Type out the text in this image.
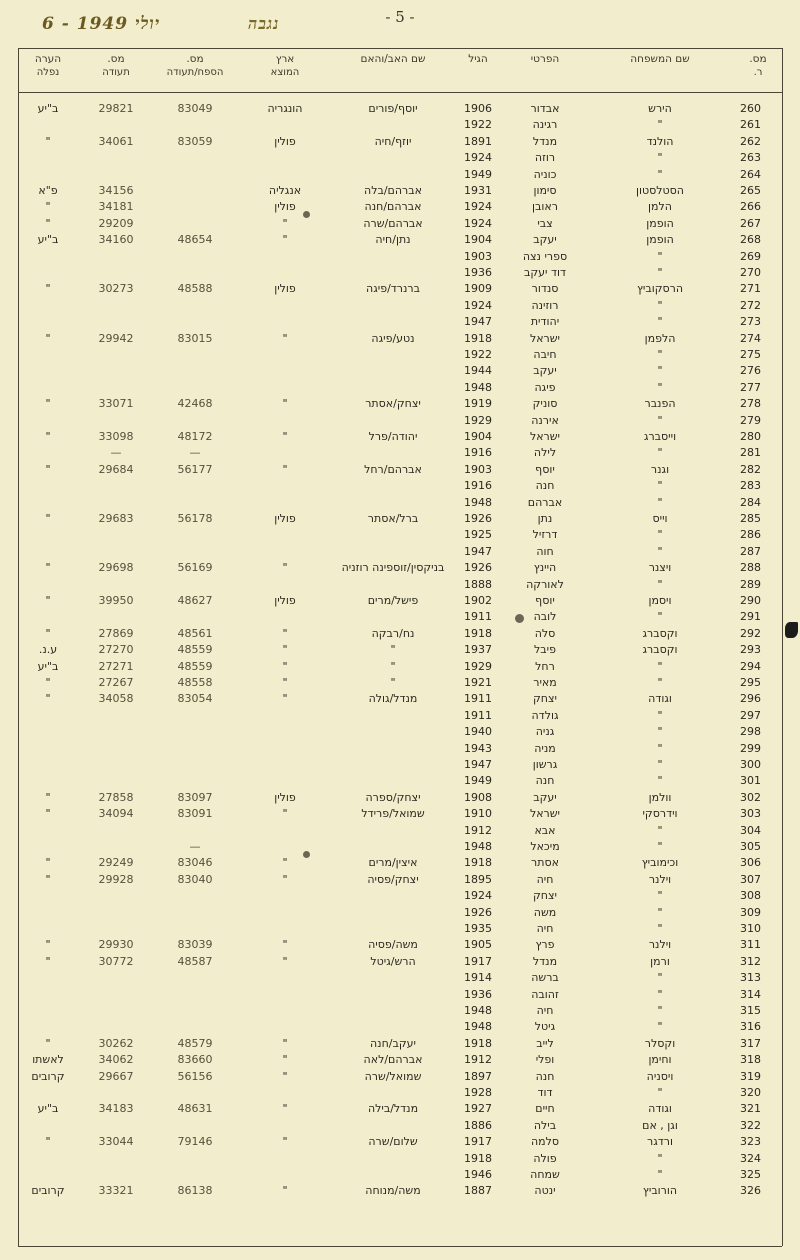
6 - יולי 1949	נגבה	- 5 -
מס.
ר.
שם המשפחה
הפרטי
הגיל
שם האב/והאם
ארץ
המוצא
מס.
הספח/תעודה
מס.
תעודה
הערה
נפלה
260
הירש
אבדור
1906
יוסף/פורים
הונגריה
83049
29821
ב"יע
261
"
רגינה
1922
262
הולנד
מנדל
1891
יוזף/חיה
פולין
83059
34061
"
263
"
רוזה
1924
264
"
כוניה
1949
265
הסטלסטון
סימון
1931
אברהם/בלה
אנגליה
34156
פ"א
266
הלמן
ראובן
1924
אברהם/חנה
פולין
34181
"
267
הופמן
צבי
1924
אברהם/שרה
"
29209
"
268
הופמן
יעקב
1904
נתן/חיה
"
48654
34160
ב"יע
269
"
ספרי נצה
1903
270
"
דוד יעקב
1936
271
הרסקוביץ
סנדור
1909
ברנרד/פיגה
פולין
48588
30273
"
272
"
רוזינה
1924
273
"
יהודית
1947
274
הלפמן
ישראל
1918
נטע/פיגה
"
83015
29942
"
275
"
חיבה
1922
276
"
יעקב
1944
277
"
פיגה
1948
278
הפנבר
סוניק
1919
יצחק/אסתר
"
42468
33071
"
279
"
אירנה
1929
280
וייסברג
ישראל
1904
יהודה/פרל
"
48172
33098
"
281
"
לילה
1916
—
—
282
וגנר
יוסף
1903
אברהם/רחל
"
56177
29684
"
283
"
חנה
1916
284
"
אברהם
1948
285
וייס
נתן
1926
ברל/אסתר
פולין
56178
29683
"
286
"
דרזיל
1925
287
"
חוה
1947
288
ויצנר
היינץ
1926
בניקסין/זוספינה רוזניה
"
56169
29698
"
289
"
לאורקה
1888
290
ויסמן
יוסף
1902
פישל/מרים
פולין
48627
39950
"
291
"
לובה
1911
292
וקסברג
סלה
1918
נח/רבקה
"
48561
27869
"
293
וקסברג
פיבל
1937
"
"
48559
27270
ע.נ.
294
"
רחל
1929
"
"
48559
27271
ב"יע
295
"
מאיר
1921
"
"
48558
27267
"
296
וגודה
יצחק
1911
מנדל/גולה
"
83054
34058
"
297
"
גולדה
1911
298
"
גניה
1940
299
"
מניה
1943
300
"
גרשון
1947
301
"
חנה
1949
302
וולמן
יעקב
1908
יצחק/ספרה
פולין
83097
27858
"
303
וידרסקי
ישראל
1910
שמואל/פרידל
"
83091
34094
"
304
"
אבא
1912
305
"
מיכאל
1948
—
306
וכימוביץ
אסתר
1918
איצין/מרים
"
83046
29249
"
307
וילנר
חיה
1895
יצחק/פסיה
"
83040
29928
"
308
"
יצחק
1924
309
"
משה
1926
310
"
חיה
1935
311
וילנר
פרץ
1905
משה/פסיה
"
83039
29930
"
312
ורמן
מנדל
1917
הרש/גיטל
"
48587
30772
"
313
"
ברשה
1914
314
"
זהובה
1936
315
"
חיה
1948
316
"
גיטל
1948
317
וקסלר
לייב
1918
יעקב/חנה
"
48579
30262
"
318
וחימן
ופלי
1912
אברהם/לאה
"
83660
34062
לאשתו
319
ויסניה
חנה
1897
שמואל/שרה
"
56156
29667
קרובים
320
"
דוד
1928
321
וגודה
חיים
1927
מנדל/בילה
"
48631
34183
ב"יע
322
וגן , אם
בילה
1886
323
ורדגר
סלמה
1917
שלום/שרה
"
79146
33044
"
324
"
פולה
1918
325
"
שמחה
1946
326
הורוביץ
ינטה
1887
משה/מנוחה
"
86138
33321
קרובים
